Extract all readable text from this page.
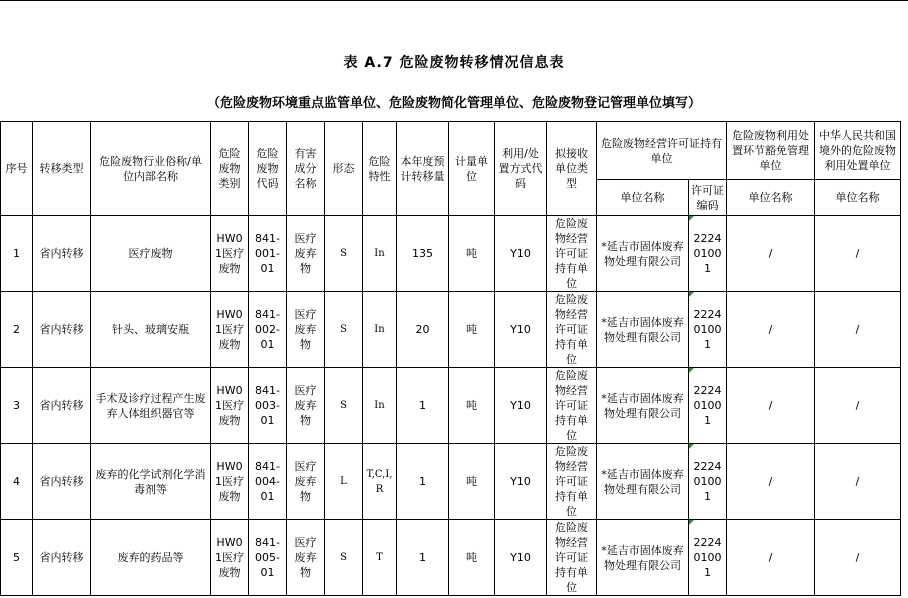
表 A.7 危险废物转移情况信息表
（危险废物环境重点监管单位、危险废物简化管理单位、危险废物登记管理单位填写）
序号	转移类型	危险废物行业俗称/单位内部名称	危险废物类别	危险废物代码	有害成分名称	形态	危险特性	本年度预计转移量	计量单位	利用/处置方式代码	拟接收单位类型	危险废物经营许可证持有单位		危险废物利用处置环节豁免管理单位	中华人民共和国境外的危险废物利用处置单位
												单位名称	许可证编码	单位名称	单位名称
1	省内转移	医疗废物	HW01医疗废物	841-001-01	医疗废弃物	S	In	135	吨	Y10	危险废物经营许可证持有单位	*延吉市固体废弃物处理有限公司	222401001	/	/
2	省内转移	针头、玻璃安瓶	HW01医疗废物	841-002-01	医疗废弃物	S	In	20	吨	Y10	危险废物经营许可证持有单位	*延吉市固体废弃物处理有限公司	222401001	/	/
3	省内转移	手术及诊疗过程产生废弃人体组织器官等	HW01医疗废物	841-003-01	医疗废弃物	S	In	1	吨	Y10	危险废物经营许可证持有单位	*延吉市固体废弃物处理有限公司	222401001	/	/
4	省内转移	废弃的化学试剂化学消毒剂等	HW01医疗废物	841-004-01	医疗废弃物	L	T,C,I,R	1	吨	Y10	危险废物经营许可证持有单位	*延吉市固体废弃物处理有限公司	222401001	/	/
5	省内转移	废弃的药品等	HW01医疗废物	841-005-01	医疗废弃物	S	T	1	吨	Y10	危险废物经营许可证持有单位	*延吉市固体废弃物处理有限公司	222401001	/	/
